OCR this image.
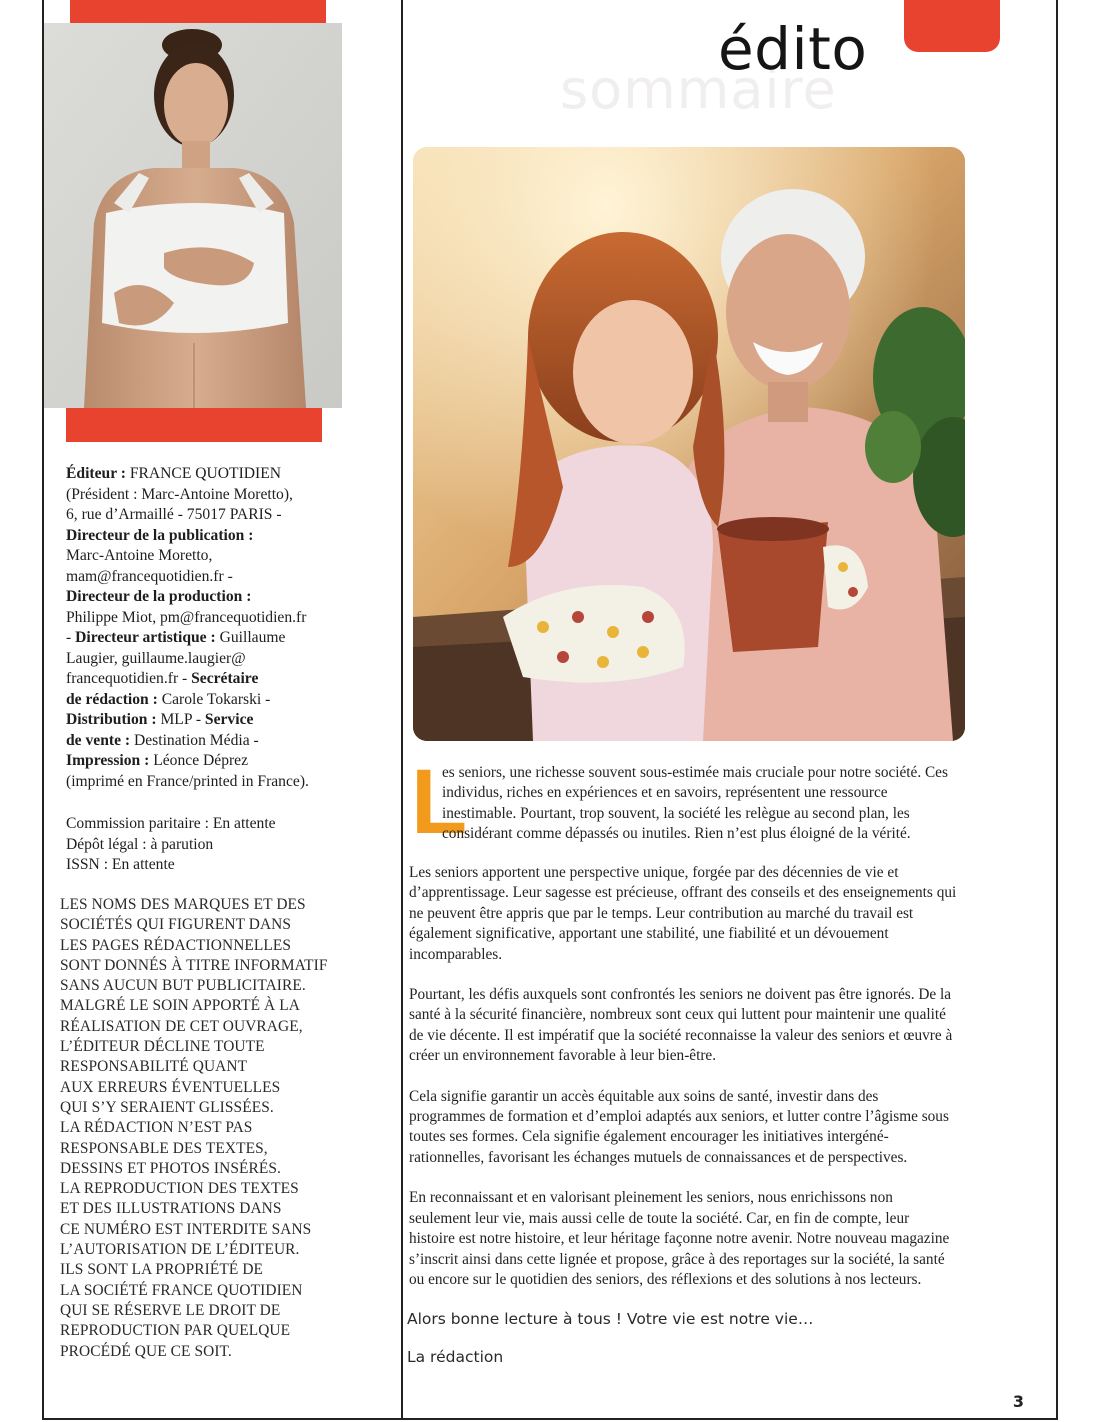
Éditeur : FRANCE QUOTIDIEN

(Président : Marc-Antoine Moretto),

6, rue d’Armaillé - 75017 PARIS -

Directeur de la publication :

Marc-Antoine Moretto,

mam@francequotidien.fr -

Directeur de la production :

Philippe Miot, pm@francequotidien.fr

- Directeur artistique : Guillaume

Laugier, guillaume.laugier@

francequotidien.fr - Secrétaire

de rédaction : Carole Tokarski -

Distribution : MLP - Service

de vente : Destination Média -

Impression : Léonce Déprez

(imprimé en France/printed in France).

Commission paritaire : En attente

Dépôt légal : à parution

ISSN : En attente

LES NOMS DES MARQUES ET DES
SOCIÉTÉS QUI FIGURENT DANS
LES PAGES RÉDACTIONNELLES
SONT DONNÉS À TITRE INFORMATIF
SANS AUCUN BUT PUBLICITAIRE.
MALGRÉ LE SOIN APPORTÉ À LA
RÉALISATION DE CET OUVRAGE,
L’ÉDITEUR DÉCLINE TOUTE
RESPONSABILITÉ QUANT
AUX ERREURS ÉVENTUELLES
QUI S’Y SERAIENT GLISSÉES.
LA RÉDACTION N’EST PAS
RESPONSABLE DES TEXTES,
DESSINS ET PHOTOS INSÉRÉS.
LA REPRODUCTION DES TEXTES
ET DES ILLUSTRATIONS DANS
CE NUMÉRO EST INTERDITE SANS
L’AUTORISATION DE L’ÉDITEUR.
ILS SONT LA PROPRIÉTÉ DE
LA SOCIÉTÉ FRANCE QUOTIDIEN
QUI SE RÉSERVE LE DROIT DE
REPRODUCTION PAR QUELQUE
PROCÉDÉ QUE CE SOIT.
sommaire
édito
L
es seniors, une richesse souvent sous-estimée mais cruciale pour notre société. Ces individus, riches en expériences et en savoirs, représentent une ressource inestimable. Pourtant, trop souvent, la société les relègue au second plan, les considérant comme dépassés ou inutiles. Rien n’est plus éloigné de la vérité.

Les seniors apportent une perspective unique, forgée par des décennies de vie et d’apprentissage. Leur sagesse est précieuse, offrant des conseils et des enseignements qui ne peuvent être appris que par le temps. Leur contribution au marché du travail est également significative, apportant une stabilité, une fiabilité et un dévouement incomparables.

Pourtant, les défis auxquels sont confrontés les seniors ne doivent pas être ignorés. De la santé à la sécurité financière, nombreux sont ceux qui luttent pour maintenir une qualité de vie décente. Il est impératif que la société reconnaisse la valeur des seniors et œuvre à créer un environnement favorable à leur bien-être.

Cela signifie garantir un accès équitable aux soins de santé, investir dans des programmes de formation et d’emploi adaptés aux seniors, et lutter contre l’âgisme sous toutes ses formes. Cela signifie également encourager les initiatives intergénérationnelles, favorisant les échanges mutuels de connaissances et de perspectives.

En reconnaissant et en valorisant pleinement les seniors, nous enrichissons non seulement leur vie, mais aussi celle de toute la société. Car, en fin de compte, leur histoire est notre histoire, et leur héritage façonne notre avenir. Notre nouveau magazine s’inscrit ainsi dans cette lignée et propose, grâce à des reportages sur la société, la santé ou encore sur le quotidien des seniors, des réflexions et des solutions à nos lecteurs.

Alors bonne lecture à tous ! Votre vie est notre vie…
La rédaction
3
